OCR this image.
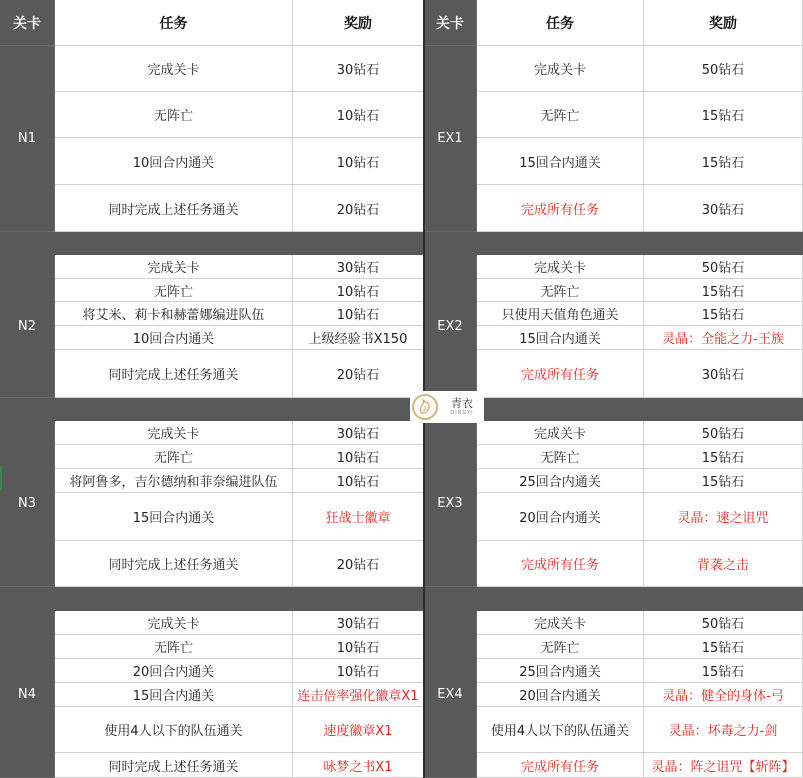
关卡	任务	奖励	关卡	任务	奖励
N1
完成关卡	30钻石
无阵亡	10钻石
10回合内通关	10钻石
同时完成上述任务通关	20钻石
EX1
完成关卡	50钻石
无阵亡	15钻石
15回合内通关	15钻石
完成所有任务	30钻石
N2
完成关卡	30钻石
无阵亡	10钻石
将艾米、莉卡和赫蕾娜编进队伍	10钻石
10回合内通关	上级经验书X150
同时完成上述任务通关	20钻石
EX2
完成关卡	50钻石
无阵亡	15钻石
只使用天值角色通关	15钻石
15回合内通关	灵晶：全能之力-王族
完成所有任务	30钻石
N3
完成关卡	30钻石
无阵亡	10钻石
将阿鲁多，吉尔德纳和菲奈编进队伍	10钻石
15回合内通关	狂战士徽章
同时完成上述任务通关	20钻石
EX3
完成关卡	50钻石
无阵亡	15钻石
25回合内通关	15钻石
20回合内通关	灵晶：速之诅咒
完成所有任务	背袭之击
N4
完成关卡	30钻石
无阵亡	10钻石
20回合内通关	10钻石
15回合内通关	连击倍率强化徽章X1
使用4人以下的队伍通关	速度徽章X1
同时完成上述任务通关	咏梦之书X1
EX4
完成关卡	50钻石
无阵亡	15钻石
25回合内通关	15钻石
20回合内通关	灵晶：健全的身体-弓
使用4人以下的队伍通关	灵晶：坏毒之力-剑
完成所有任务	灵晶：阵之诅咒【斩阵】
青衣
QINGYI
